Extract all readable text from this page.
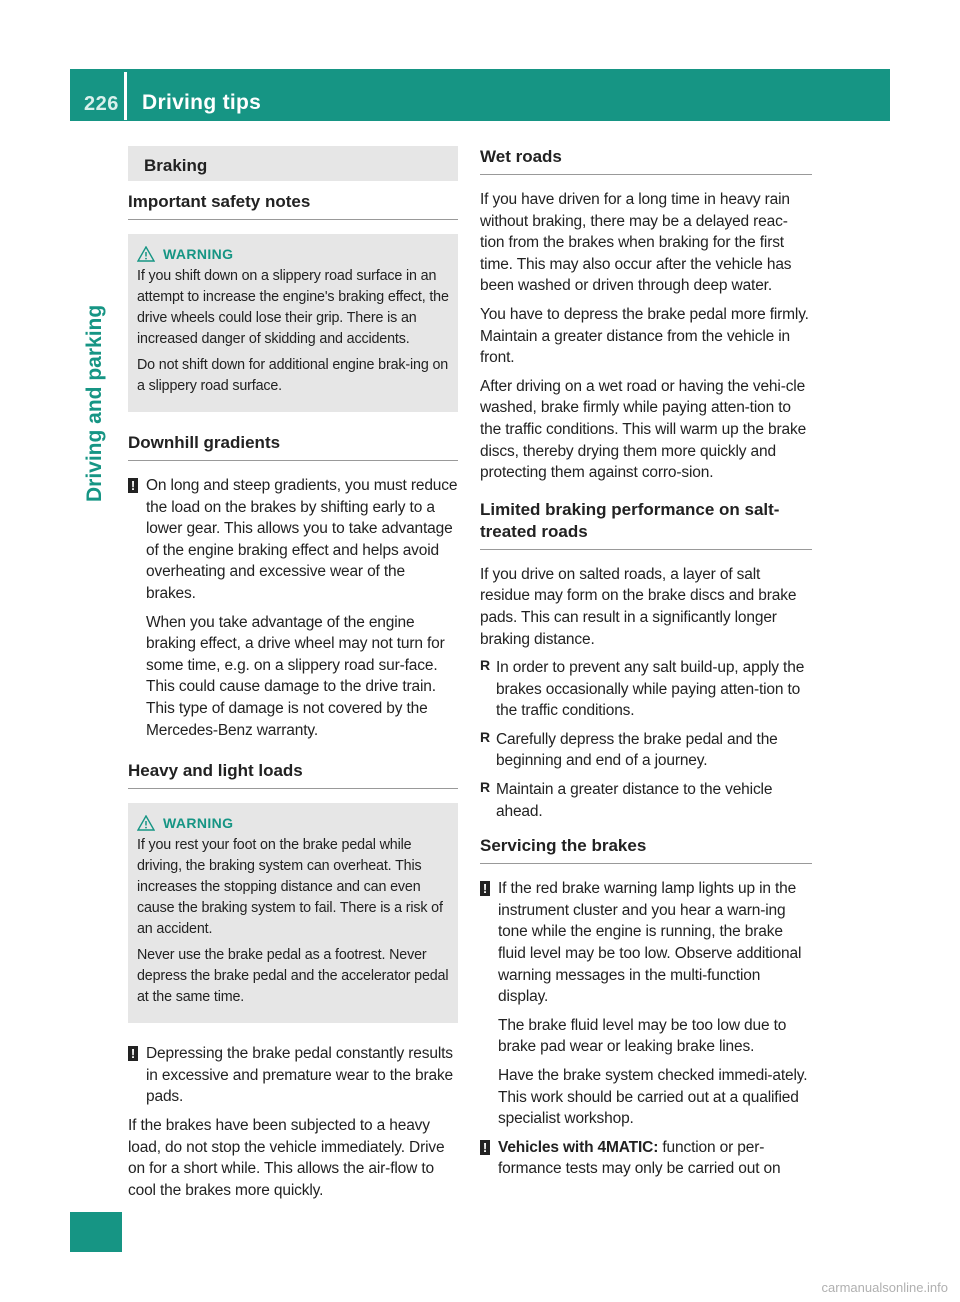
226 Driving tips
Driving and parking
Braking
Important safety notes
WARNING

If you shift down on a slippery road surface in an attempt to increase the engine's braking effect, the drive wheels could lose their grip. There is an increased danger of skidding and accidents.

Do not shift down for additional engine brak-ing on a slippery road surface.

Downhill gradients
! On long and steep gradients, you must reduce the load on the brakes by shifting early to a lower gear. This allows you to take advantage of the engine braking effect and helps avoid overheating and excessive wear of the brakes.

When you take advantage of the engine braking effect, a drive wheel may not turn for some time, e.g. on a slippery road sur-face. This could cause damage to the drive train. This type of damage is not covered by the Mercedes-Benz warranty.

Heavy and light loads
WARNING

If you rest your foot on the brake pedal while driving, the braking system can overheat. This increases the stopping distance and can even cause the braking system to fail. There is a risk of an accident.

Never use the brake pedal as a footrest. Never depress the brake pedal and the accelerator pedal at the same time.

! Depressing the brake pedal constantly results in excessive and premature wear to the brake pads.

If the brakes have been subjected to a heavy load, do not stop the vehicle immediately. Drive on for a short while. This allows the air-flow to cool the brakes more quickly.

Wet roads

If you have driven for a long time in heavy rain without braking, there may be a delayed reac-tion from the brakes when braking for the first time. This may also occur after the vehicle has been washed or driven through deep water.

You have to depress the brake pedal more firmly. Maintain a greater distance from the vehicle in front.

After driving on a wet road or having the vehi-cle washed, brake firmly while paying atten-tion to the traffic conditions. This will warm up the brake discs, thereby drying them more quickly and protecting them against corro-sion.

Limited braking performance on salt-treated roads

If you drive on salted roads, a layer of salt residue may form on the brake discs and brake pads. This can result in a significantly longer braking distance.

R In order to prevent any salt build-up, apply the brakes occasionally while paying atten-tion to the traffic conditions.

R Carefully depress the brake pedal and the beginning and end of a journey.

R Maintain a greater distance to the vehicle ahead.

Servicing the brakes
! If the red brake warning lamp lights up in the instrument cluster and you hear a warn-ing tone while the engine is running, the brake fluid level may be too low. Observe additional warning messages in the multi-function display.

The brake fluid level may be too low due to brake pad wear or leaking brake lines.

Have the brake system checked immedi-ately. This work should be carried out at a qualified specialist workshop.

! Vehicles with 4MATIC: function or per-formance tests may only be carried out on

carmanualsonline.info
